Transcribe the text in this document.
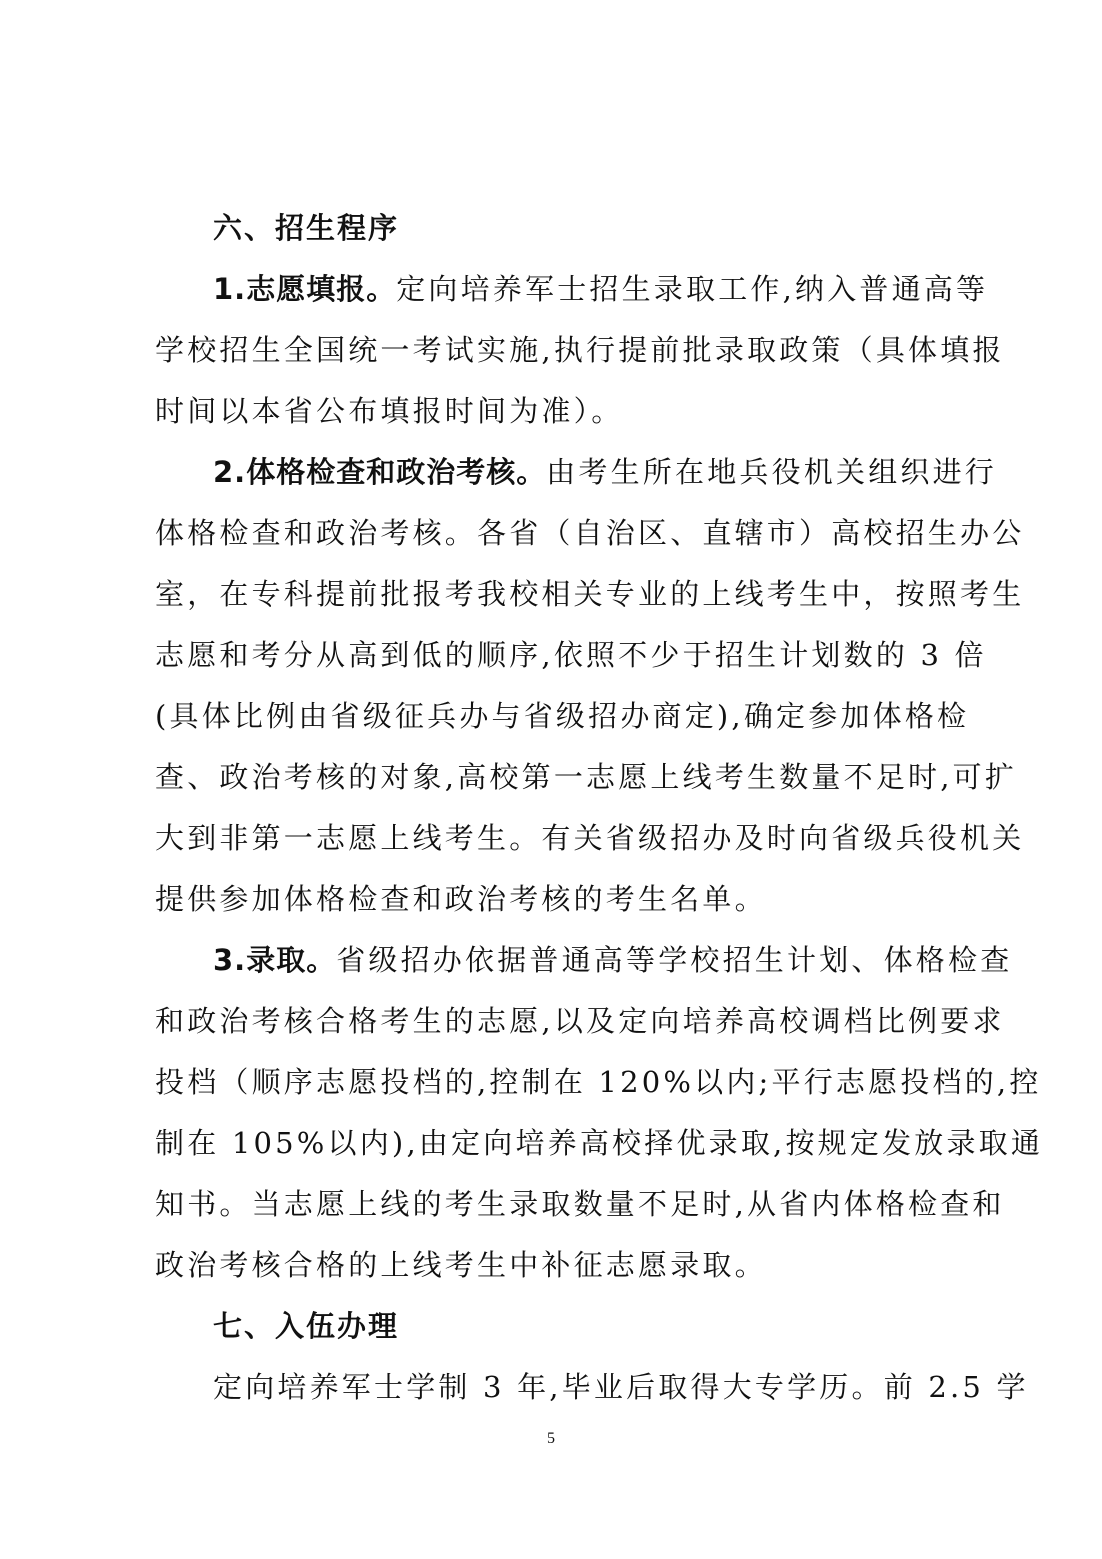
六、招生程序
1.志愿填报。定向培养军士招生录取工作,纳入普通高等
学校招生全国统一考试实施,执行提前批录取政策（具体填报
时间以本省公布填报时间为准）。
2.体格检查和政治考核。由考生所在地兵役机关组织进行
体格检查和政治考核。各省（自治区、直辖市）高校招生办公
室，在专科提前批报考我校相关专业的上线考生中，按照考生
志愿和考分从高到低的顺序,依照不少于招生计划数的 3 倍
(具体比例由省级征兵办与省级招办商定),确定参加体格检
查、政治考核的对象,高校第一志愿上线考生数量不足时,可扩
大到非第一志愿上线考生。有关省级招办及时向省级兵役机关
提供参加体格检查和政治考核的考生名单。
3.录取。省级招办依据普通高等学校招生计划、体格检查
和政治考核合格考生的志愿,以及定向培养高校调档比例要求
投档（顺序志愿投档的,控制在 120%以内;平行志愿投档的,控
制在 105%以内),由定向培养高校择优录取,按规定发放录取通
知书。当志愿上线的考生录取数量不足时,从省内体格检查和
政治考核合格的上线考生中补征志愿录取。
七、入伍办理
定向培养军士学制 3 年,毕业后取得大专学历。前 2.5 学
5
